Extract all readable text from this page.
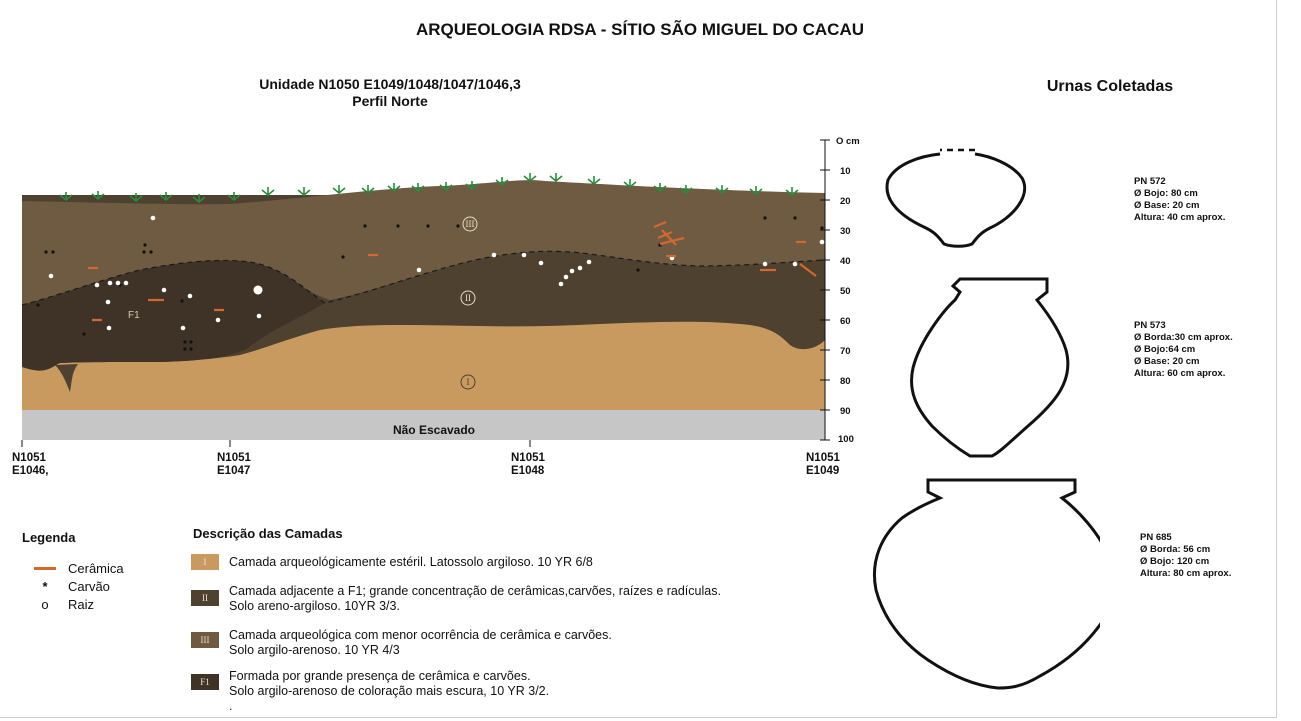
ARQUEOLOGIA RDSA - SÍTIO SÃO MIGUEL DO CACAU
Unidade N1050 E1049/1048/1047/1046,3
Perfil Norte
Urnas Coletadas
III
II
I
F1
Não Escavado
O cm
10
20
30
40
50
60
70
80
90
100
N1051
E1046,
N1051
E1047
N1051
E1048
N1051
E1049
Legenda
Cerâmica
*	Carvão
o	Raiz
Descrição das Camadas
I	Camada arqueológicamente estéril. Latossolo argiloso. 10 YR 6/8
II	Camada adjacente a F1; grande concentração de cerâmicas,carvões, raízes e radículas.
Solo areno-argiloso. 10YR 3/3.
III	Camada arqueológica com menor ocorrência de cerâmica e carvões.
Solo argilo-arenoso. 10 YR 4/3
F1	Formada por grande presença de cerâmica e carvões.
Solo argilo-arenoso de coloração mais escura, 10 YR 3/2.
.
PN 572
Ø Bojo: 80 cm
Ø Base: 20 cm
Altura: 40 cm aprox.
PN 573
Ø Borda:30 cm aprox.
Ø Bojo:64 cm
Ø Base: 20 cm
Altura: 60 cm aprox.
PN 685
Ø Borda: 56 cm
Ø Bojo: 120 cm
Altura: 80 cm aprox.
